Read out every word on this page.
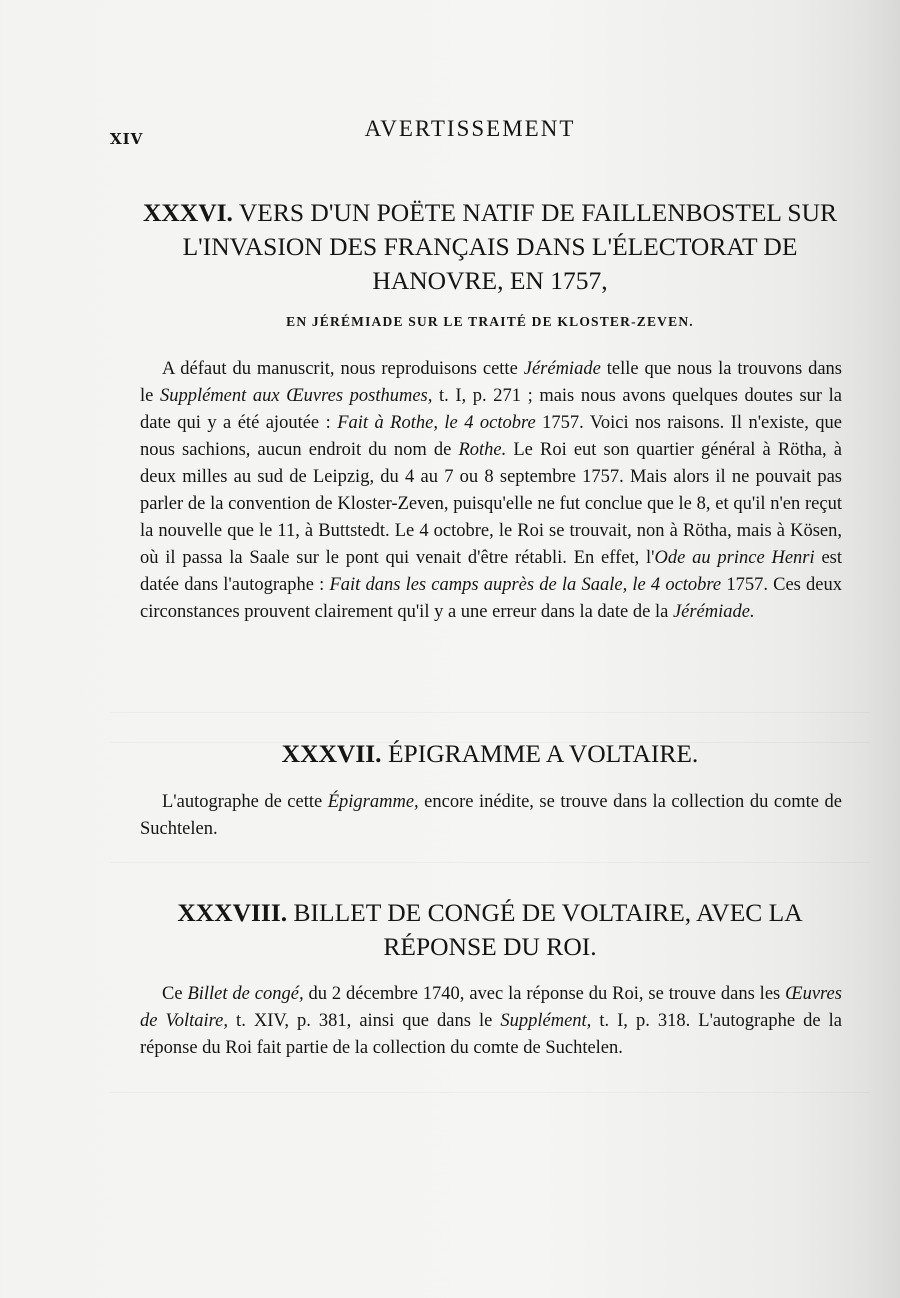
XIV	AVERTISSEMENT
XXXVI. VERS D'UN POËTE NATIF DE FAILLENBOSTEL SUR L'INVASION DES FRANÇAIS DANS L'ÉLECTORAT DE HANOVRE, EN 1757,
EN JÉRÉMIADE SUR LE TRAITÉ DE KLOSTER-ZEVEN.

A défaut du manuscrit, nous reproduisons cette Jérémiade telle que nous la trouvons dans le Supplément aux Œuvres posthumes, t. I, p. 271 ; mais nous avons quelques doutes sur la date qui y a été ajoutée : Fait à Rothe, le 4 octobre 1757. Voici nos raisons. Il n'existe, que nous sachions, aucun endroit du nom de Rothe. Le Roi eut son quartier général à Rötha, à deux milles au sud de Leipzig, du 4 au 7 ou 8 septembre 1757. Mais alors il ne pouvait pas parler de la convention de Kloster-Zeven, puisqu'elle ne fut conclue que le 8, et qu'il n'en reçut la nouvelle que le 11, à Buttstedt. Le 4 octobre, le Roi se trouvait, non à Rötha, mais à Kösen, où il passa la Saale sur le pont qui venait d'être rétabli. En effet, l'Ode au prince Henri est datée dans l'autographe : Fait dans les camps auprès de la Saale, le 4 octobre 1757. Ces deux circonstances prouvent clairement qu'il y a une erreur dans la date de la Jérémiade.

XXXVII. ÉPIGRAMME A VOLTAIRE.

L'autographe de cette Épigramme, encore inédite, se trouve dans la collection du comte de Suchtelen.

XXXVIII. BILLET DE CONGÉ DE VOLTAIRE, AVEC LA RÉPONSE DU ROI.

Ce Billet de congé, du 2 décembre 1740, avec la réponse du Roi, se trouve dans les Œuvres de Voltaire, t. XIV, p. 381, ainsi que dans le Supplément, t. I, p. 318. L'autographe de la réponse du Roi fait partie de la collection du comte de Suchtelen.
